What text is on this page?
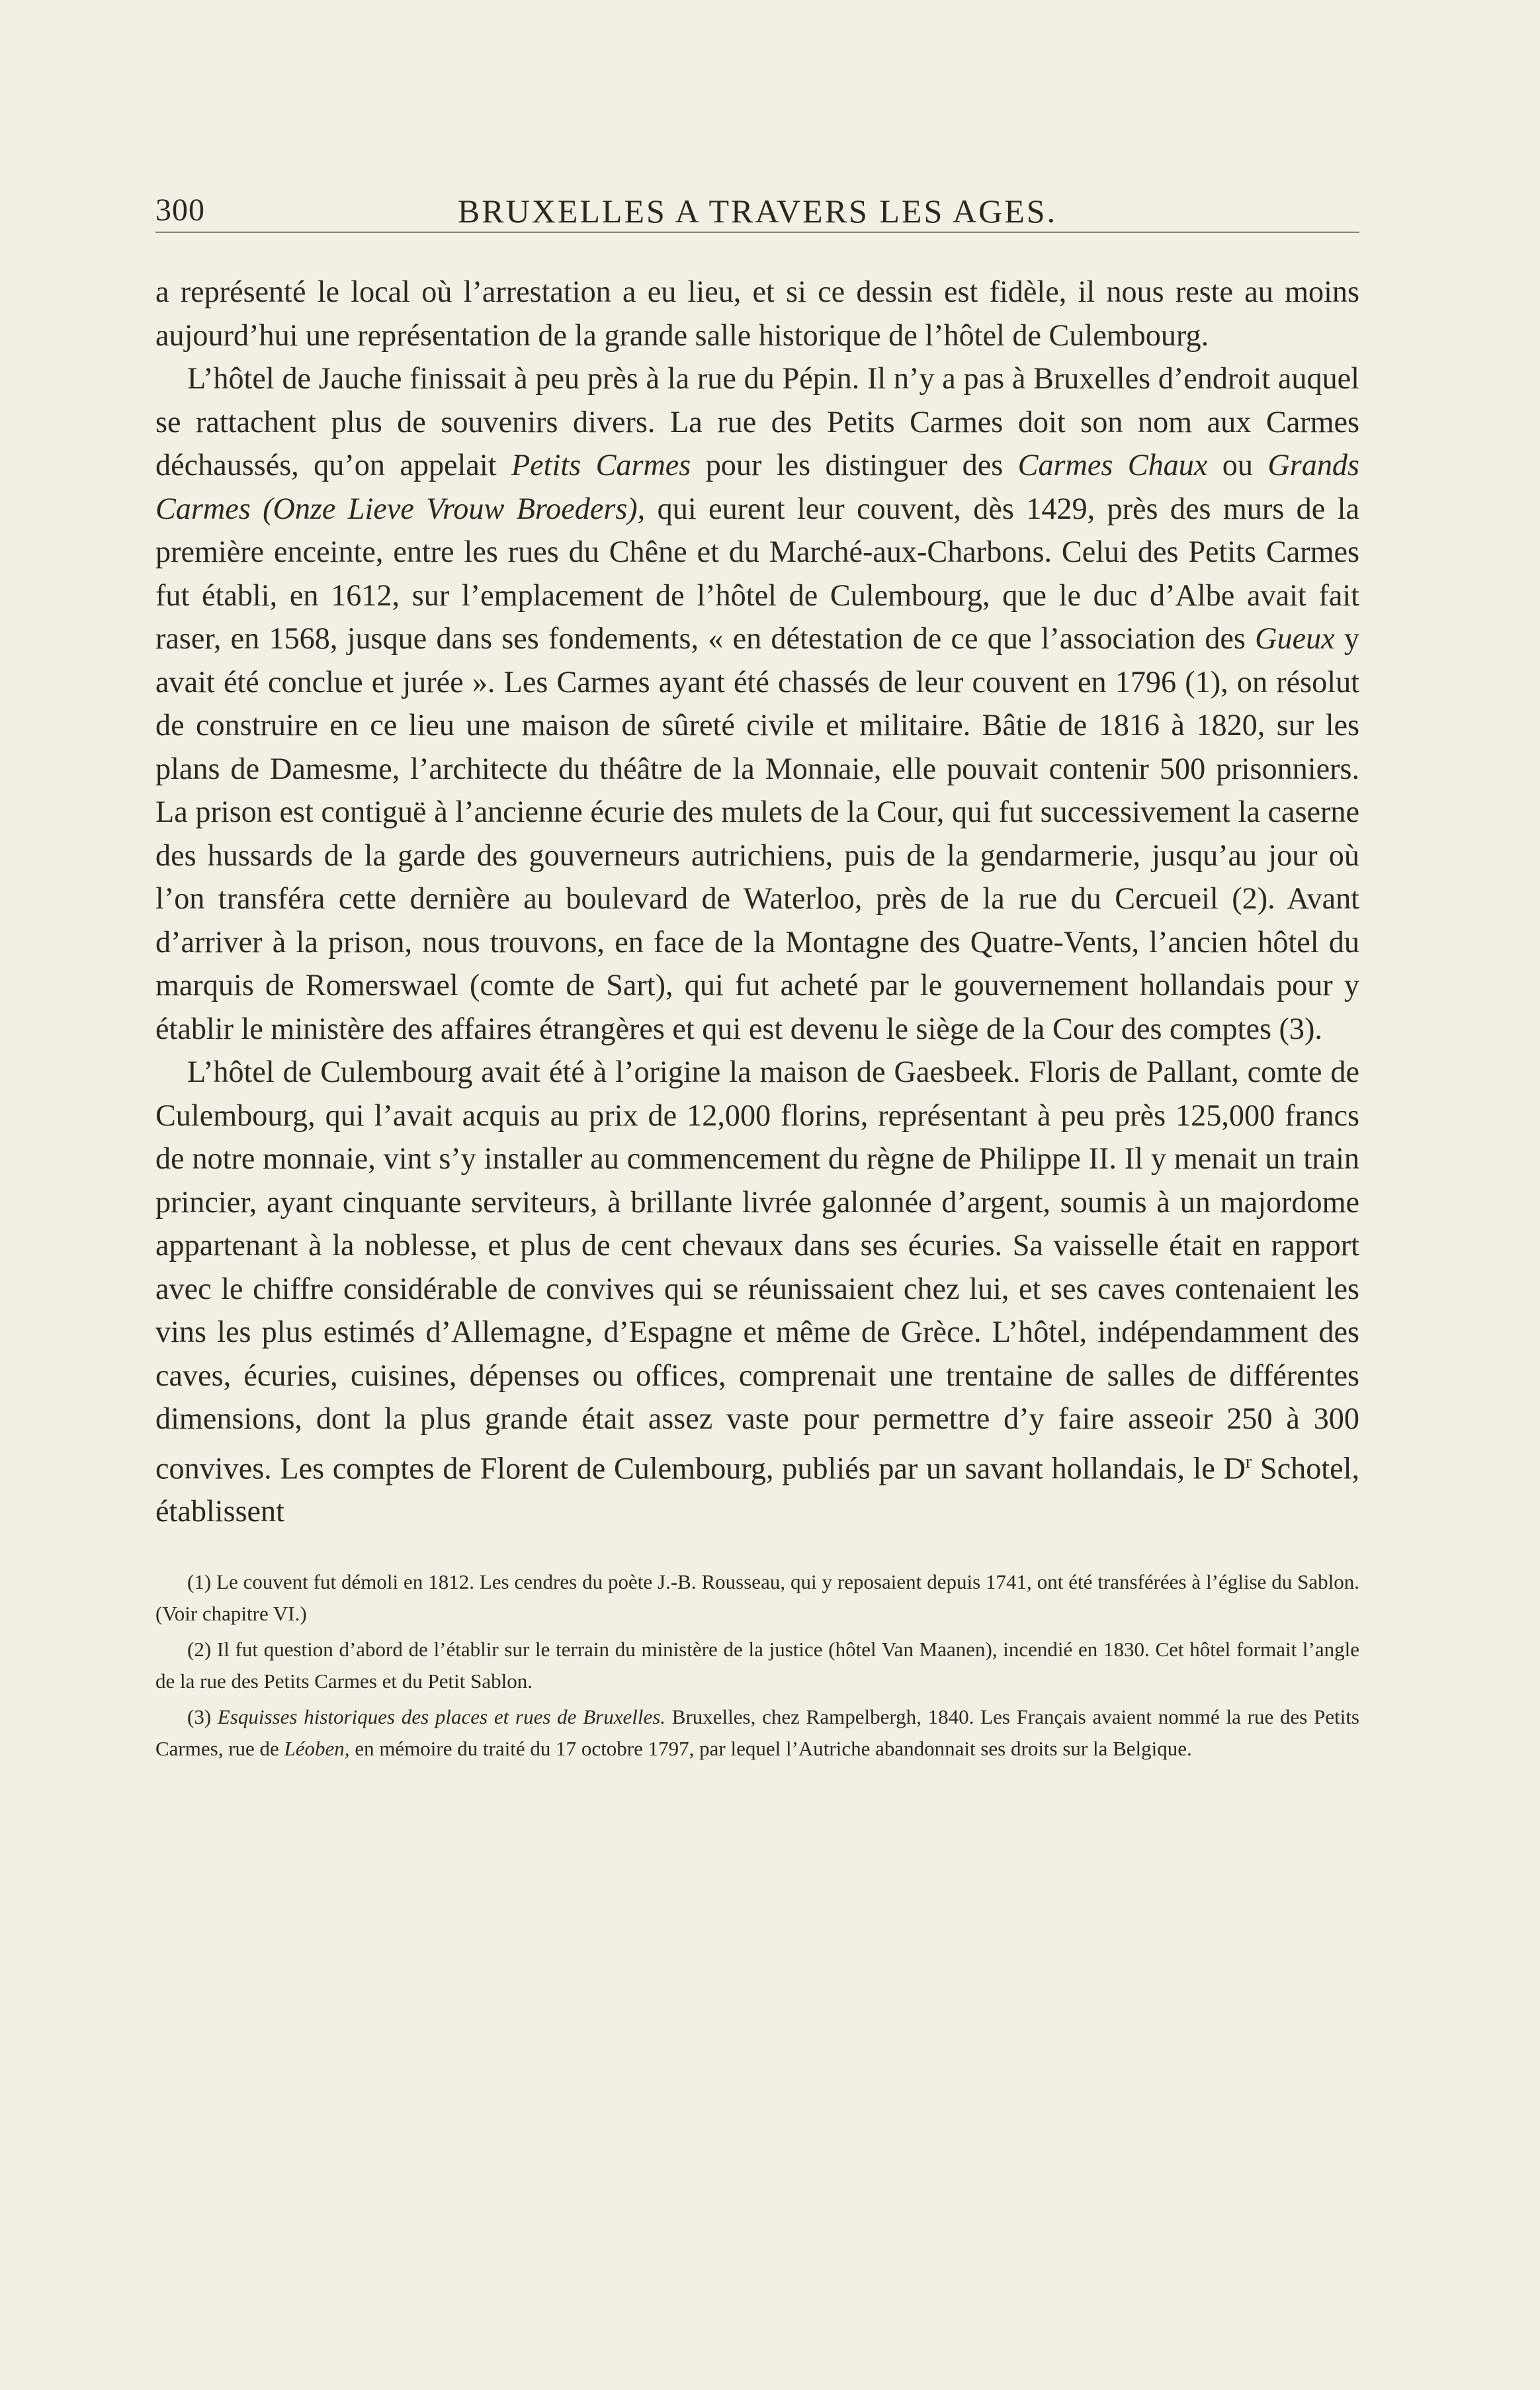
300	BRUXELLES A TRAVERS LES AGES.

a représenté le local où l’arrestation a eu lieu, et si ce dessin est fidèle, il nous reste au moins aujourd’hui une représentation de la grande salle historique de l’hôtel de Culembourg.

L’hôtel de Jauche finissait à peu près à la rue du Pépin. Il n’y a pas à Bruxelles d’endroit auquel se rattachent plus de souvenirs divers. La rue des Petits Carmes doit son nom aux Carmes déchaussés, qu’on appelait Petits Carmes pour les distinguer des Carmes Chaux ou Grands Carmes (Onze Lieve Vrouw Broeders), qui eurent leur couvent, dès 1429, près des murs de la première enceinte, entre les rues du Chêne et du Marché-aux-Charbons. Celui des Petits Carmes fut établi, en 1612, sur l’emplacement de l’hôtel de Culembourg, que le duc d’Albe avait fait raser, en 1568, jusque dans ses fondements, « en détestation de ce que l’association des Gueux y avait été conclue et jurée ». Les Carmes ayant été chassés de leur couvent en 1796 (1), on résolut de construire en ce lieu une maison de sûreté civile et militaire. Bâtie de 1816 à 1820, sur les plans de Damesme, l’architecte du théâtre de la Monnaie, elle pouvait contenir 500 prisonniers. La prison est contiguë à l’ancienne écurie des mulets de la Cour, qui fut successivement la caserne des hussards de la garde des gouverneurs autrichiens, puis de la gendarmerie, jusqu’au jour où l’on transféra cette dernière au boulevard de Waterloo, près de la rue du Cercueil (2). Avant d’arriver à la prison, nous trouvons, en face de la Montagne des Quatre-Vents, l’ancien hôtel du marquis de Romerswael (comte de Sart), qui fut acheté par le gouvernement hollandais pour y établir le ministère des affaires étrangères et qui est devenu le siège de la Cour des comptes (3).

L’hôtel de Culembourg avait été à l’origine la maison de Gaesbeek. Floris de Pallant, comte de Culembourg, qui l’avait acquis au prix de 12,000 florins, représentant à peu près 125,000 francs de notre monnaie, vint s’y installer au commencement du règne de Philippe II. Il y menait un train princier, ayant cinquante serviteurs, à brillante livrée galonnée d’argent, soumis à un majordome appartenant à la noblesse, et plus de cent chevaux dans ses écuries. Sa vaisselle était en rapport avec le chiffre considérable de convives qui se réunissaient chez lui, et ses caves contenaient les vins les plus estimés d’Allemagne, d’Espagne et même de Grèce. L’hôtel, indépendamment des caves, écuries, cuisines, dépenses ou offices, comprenait une trentaine de salles de différentes dimensions, dont la plus grande était assez vaste pour permettre d’y faire asseoir 250 à 300 convives. Les comptes de Florent de Culembourg, publiés par un savant hollandais, le $D^r$ Schotel, établissent

(1) Le couvent fut démoli en 1812. Les cendres du poète J.-B. Rousseau, qui y reposaient depuis 1741, ont été transférées à l’église du Sablon. (Voir chapitre VI.)

(2) Il fut question d’abord de l’établir sur le terrain du ministère de la justice (hôtel Van Maanen), incendié en 1830. Cet hôtel formait l’angle de la rue des Petits Carmes et du Petit Sablon.

(3) Esquisses historiques des places et rues de Bruxelles. Bruxelles, chez Rampelbergh, 1840. Les Français avaient nommé la rue des Petits Carmes, rue de Léoben, en mémoire du traité du 17 octobre 1797, par lequel l’Autriche abandonnait ses droits sur la Belgique.
